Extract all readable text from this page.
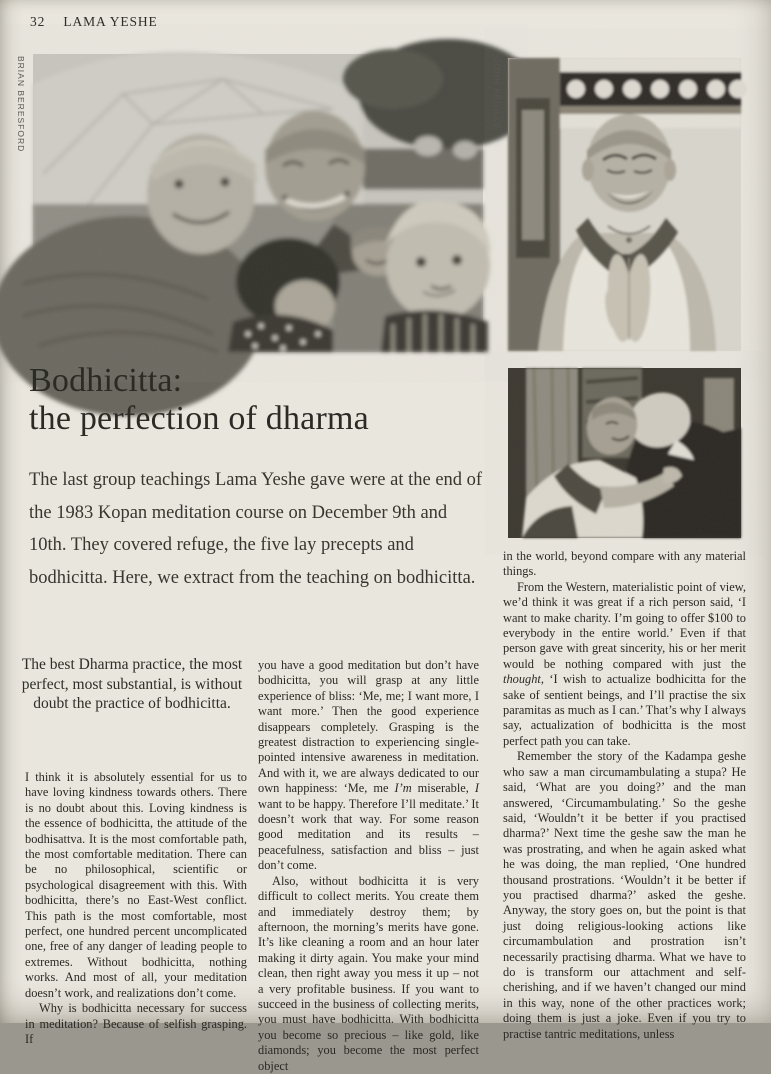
32 LAMA YESHE
BRIAN BERESFORD	JOHN FEUILLE
Bodhicitta:
the perfection of dharma
The last group teachings Lama Yeshe gave were at the end of the 1983 Kopan meditation course on December 9th and 10th. They covered refuge, the five lay precepts and bodhicitta. Here, we extract from the teaching on bodhicitta.
The best Dharma practice, the most perfect, most substantial, is without doubt the practice of bodhicitta.

I think it is absolutely essential for us to have loving kindness towards others. There is no doubt about this. Loving kindness is the essence of bodhicitta, the attitude of the bodhisattva. It is the most comfortable path, the most comfortable meditation. There can be no philosophical, scientific or psychological disagreement with this. With bodhicitta, there’s no East-West conflict. This path is the most comfortable, most perfect, one hundred percent uncomplicated one, free of any danger of leading people to extremes. Without bodhicitta, nothing works. And most of all, your meditation doesn’t work, and realizations don’t come.

Why is bodhicitta necessary for success in meditation? Because of selfish grasping. If

you have a good meditation but don’t have bodhicitta, you will grasp at any little experience of bliss: ‘Me, me; I want more, I want more.’ Then the good experience disappears completely. Grasping is the greatest distraction to experiencing single-pointed intensive awareness in meditation. And with it, we are always dedicated to our own happiness: ‘Me, me I’m miserable, I want to be happy. Therefore I’ll meditate.’ It doesn’t work that way. For some reason good meditation and its results – peacefulness, satisfaction and bliss – just don’t come.

Also, without bodhicitta it is very difficult to collect merits. You create them and immediately destroy them; by afternoon, the morning’s merits have gone. It’s like cleaning a room and an hour later making it dirty again. You make your mind clean, then right away you mess it up – not a very profitable business. If you want to succeed in the business of collecting merits, you must have bodhicitta. With bodhicitta you become so precious – like gold, like diamonds; you become the most perfect object

in the world, beyond compare with any material things.

From the Western, materialistic point of view, we’d think it was great if a rich person said, ‘I want to make charity. I’m going to offer $100 to everybody in the entire world.’ Even if that person gave with great sincerity, his or her merit would be nothing compared with just the thought, ‘I wish to actualize bodhicitta for the sake of sentient beings, and I’ll practise the six paramitas as much as I can.’ That’s why I always say, actualization of bodhicitta is the most perfect path you can take.

Remember the story of the Kadampa geshe who saw a man circumambulating a stupa? He said, ‘What are you doing?’ and the man answered, ‘Circumambulating.’ So the geshe said, ‘Wouldn’t it be better if you practised dharma?’ Next time the geshe saw the man he was prostrating, and when he again asked what he was doing, the man replied, ‘One hundred thousand prostrations. ‘Wouldn’t it be better if you practised dharma?’ asked the geshe. Anyway, the story goes on, but the point is that just doing religious-looking actions like circumambulation and prostration isn’t necessarily practising dharma. What we have to do is transform our attachment and self-cherishing, and if we haven’t changed our mind in this way, none of the other practices work; doing them is just a joke. Even if you try to practise tantric meditations, unless
